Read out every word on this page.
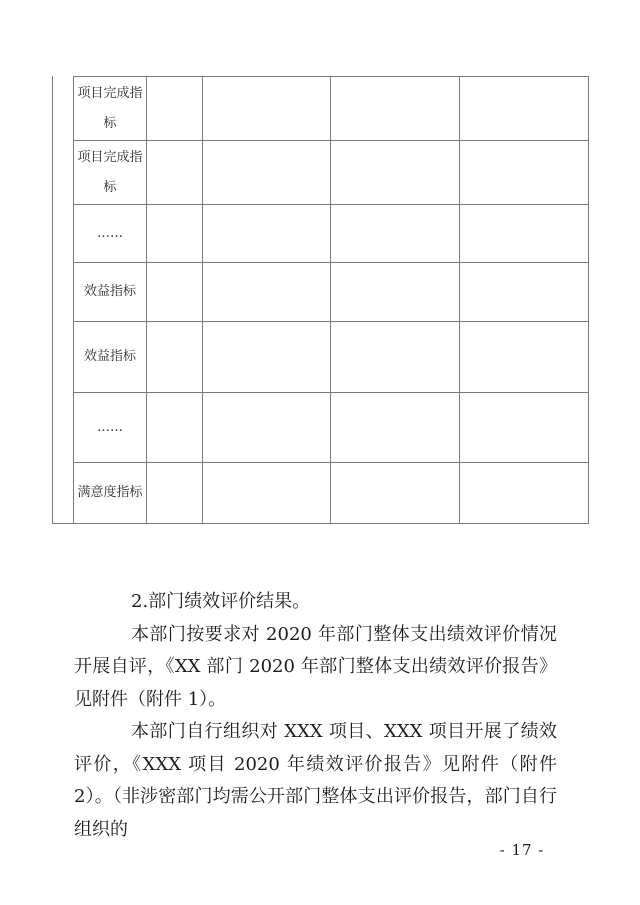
项目完成指标				
项目完成指标				
……				
效益指标				
效益指标				
……				
满意度指标				

2.部门绩效评价结果。

本部门按要求对 2020 年部门整体支出绩效评价情况开展自评，《XX 部门 2020 年部门整体支出绩效评价报告》见附件（附件 1）。

本部门自行组织对 XXX 项目、XXX 项目开展了绩效评价，《XXX 项目 2020 年绩效评价报告》见附件（附件 2）。（非涉密部门均需公开部门整体支出评价报告，部门自行组织的

- 17 -
